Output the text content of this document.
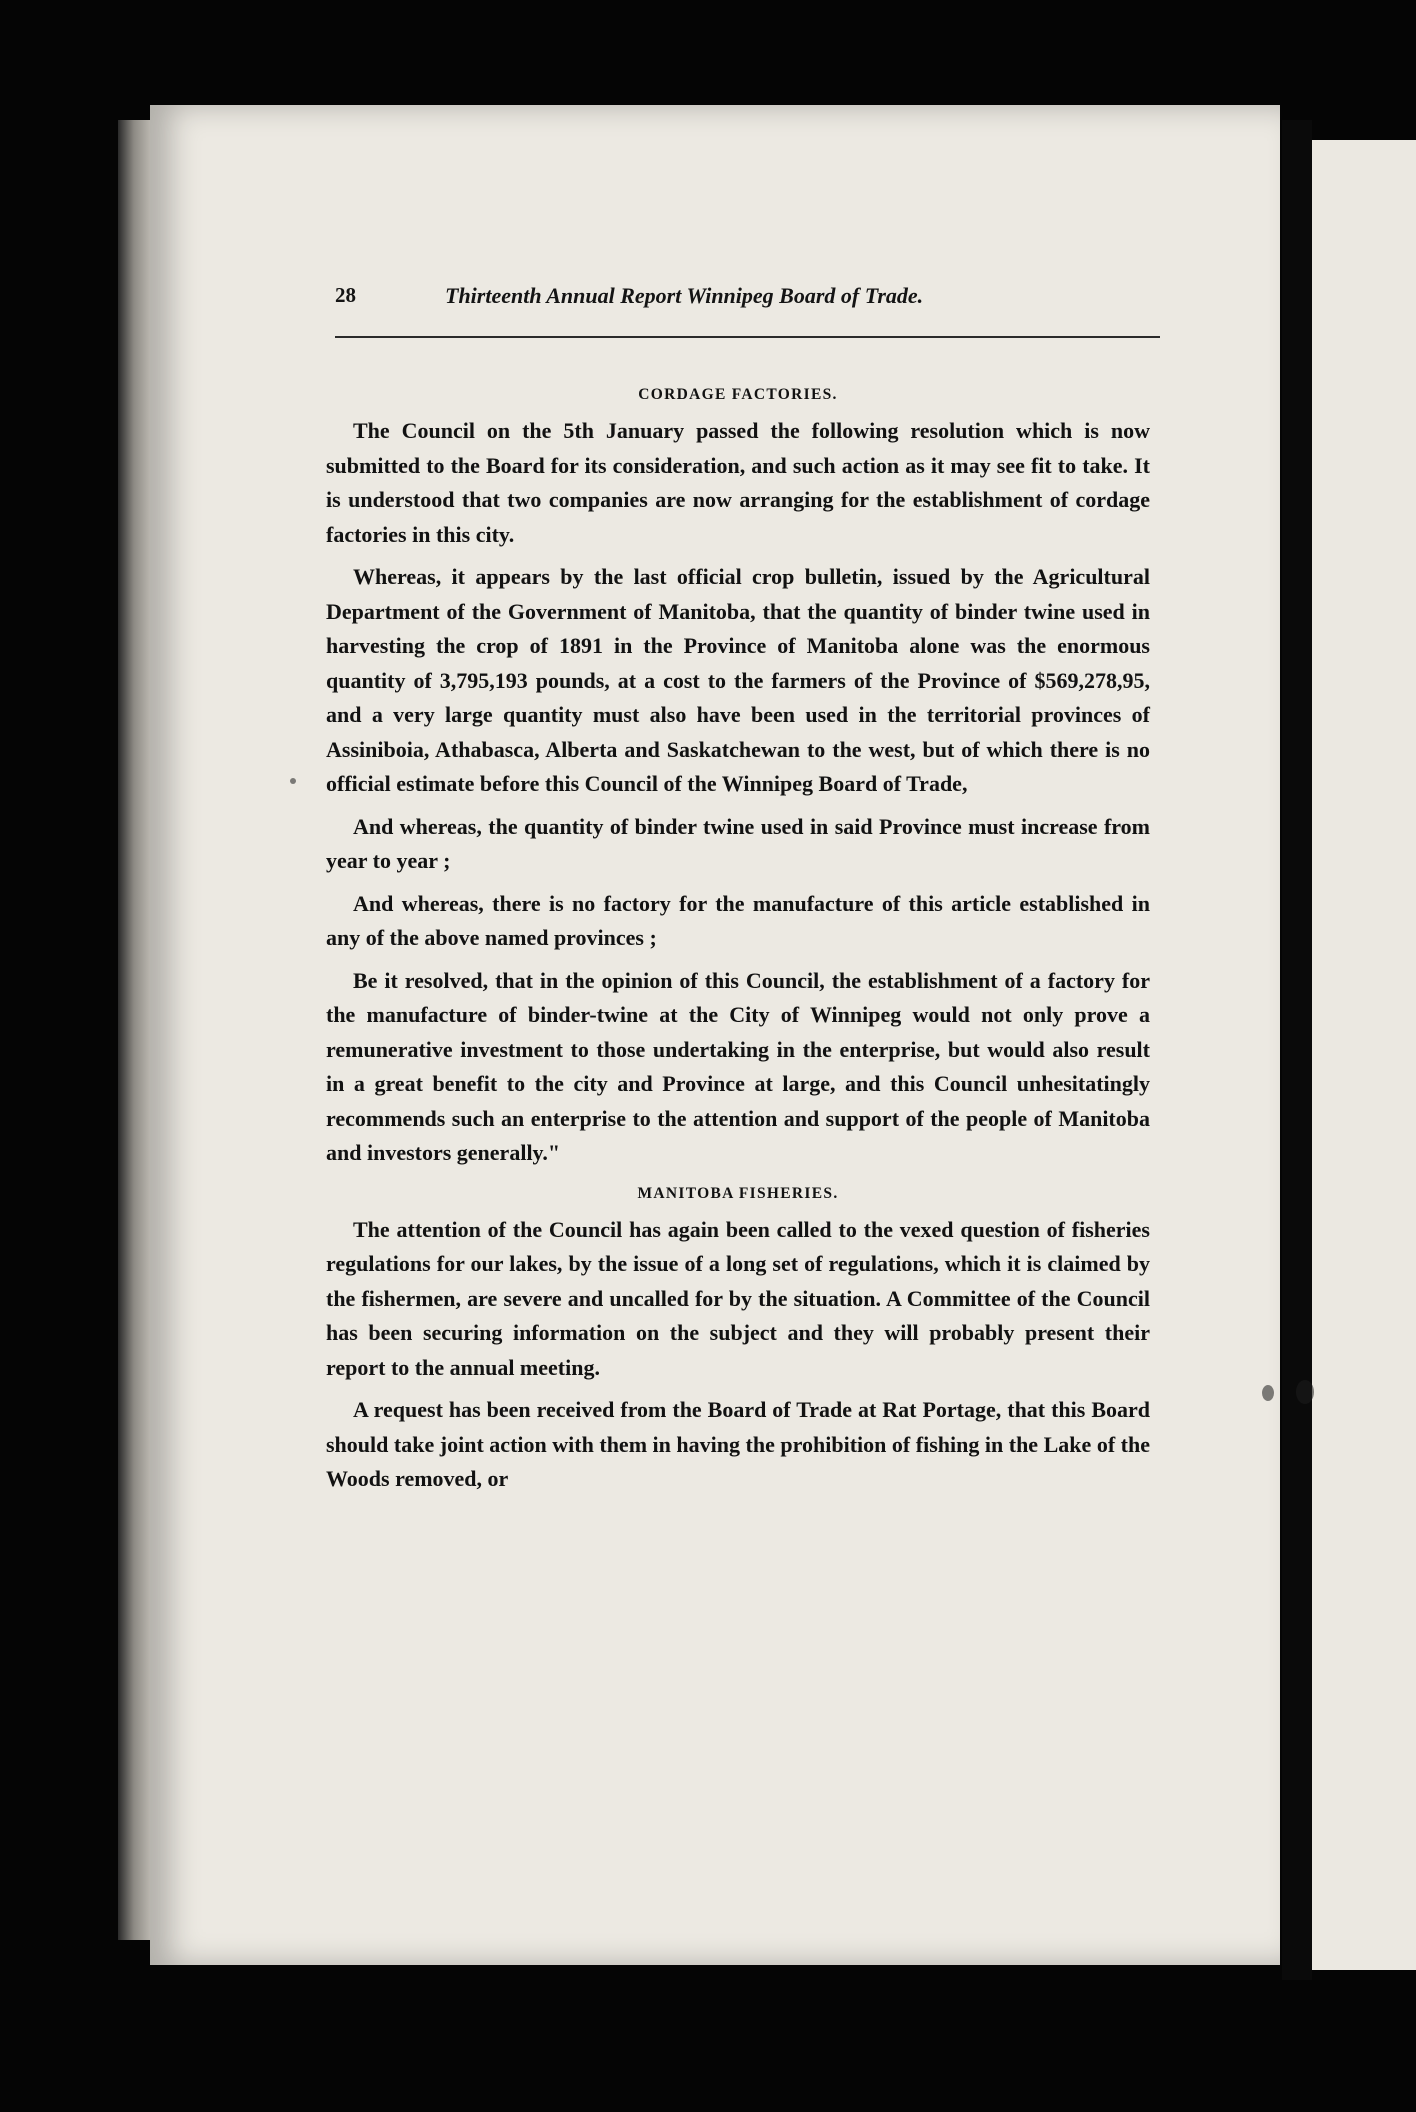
28	Thirteenth Annual Report Winnipeg Board of Trade.
CORDAGE FACTORIES.

The Council on the 5th January passed the following resolution which is now submitted to the Board for its consideration, and such action as it may see fit to take. It is understood that two companies are now arranging for the establishment of cordage factories in this city.

Whereas, it appears by the last official crop bulletin, issued by the Agricultural Department of the Government of Manitoba, that the quantity of binder twine used in harvesting the crop of 1891 in the Province of Manitoba alone was the enormous quantity of 3,795,193 pounds, at a cost to the farmers of the Province of $569,278,95, and a very large quantity must also have been used in the territorial provinces of Assiniboia, Athabasca, Alberta and Saskatchewan to the west, but of which there is no official estimate before this Council of the Winnipeg Board of Trade,

And whereas, the quantity of binder twine used in said Province must increase from year to year ;

And whereas, there is no factory for the manufacture of this article established in any of the above named provinces ;

Be it resolved, that in the opinion of this Council, the establishment of a factory for the manufacture of binder-twine at the City of Winnipeg would not only prove a remunerative investment to those undertaking in the enterprise, but would also result in a great benefit to the city and Province at large, and this Council unhesitatingly recommends such an enterprise to the attention and support of the people of Manitoba and investors generally."

MANITOBA FISHERIES.

The attention of the Council has again been called to the vexed question of fisheries regulations for our lakes, by the issue of a long set of regulations, which it is claimed by the fishermen, are severe and uncalled for by the situation. A Committee of the Council has been securing information on the subject and they will probably present their report to the annual meeting.

A request has been received from the Board of Trade at Rat Portage, that this Board should take joint action with them in having the prohibition of fishing in the Lake of the Woods removed, or
